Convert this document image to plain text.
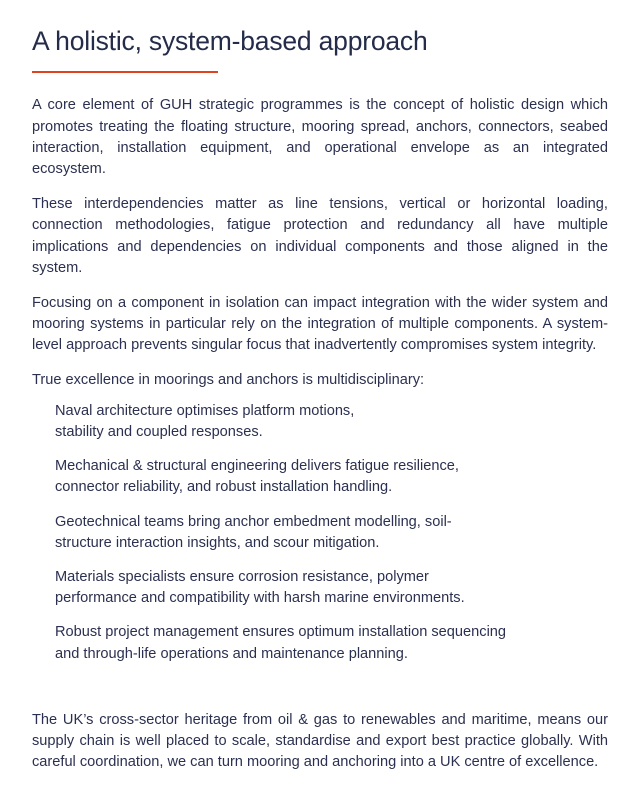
A holistic, system-based approach

A core element of GUH strategic programmes is the concept of holistic design which promotes treating the floating structure, mooring spread, anchors, connectors, seabed interaction, installation equipment, and operational envelope as an integrated ecosystem.

These interdependencies matter as line tensions, vertical or horizontal loading, connection methodologies, fatigue protection and redundancy all have multiple implications and dependencies on individual components and those aligned in the system.

Focusing on a component in isolation can impact integration with the wider system and mooring systems in particular rely on the integration of multiple components. A system-level approach prevents singular focus that inadvertently compromises system integrity.

True excellence in moorings and anchors is multidisciplinary:

Naval architecture optimises platform motions,
stability and coupled responses.
Mechanical & structural engineering delivers fatigue resilience,
connector reliability, and robust installation handling.
Geotechnical teams bring anchor embedment modelling, soil-
structure interaction insights, and scour mitigation.
Materials specialists ensure corrosion resistance, polymer
performance and compatibility with harsh marine environments.
Robust project management ensures optimum installation sequencing
and through-life operations and maintenance planning.

The UK’s cross-sector heritage from oil & gas to renewables and maritime, means our supply chain is well placed to scale, standardise and export best practice globally. With careful coordination, we can turn mooring and anchoring into a UK centre of excellence.
